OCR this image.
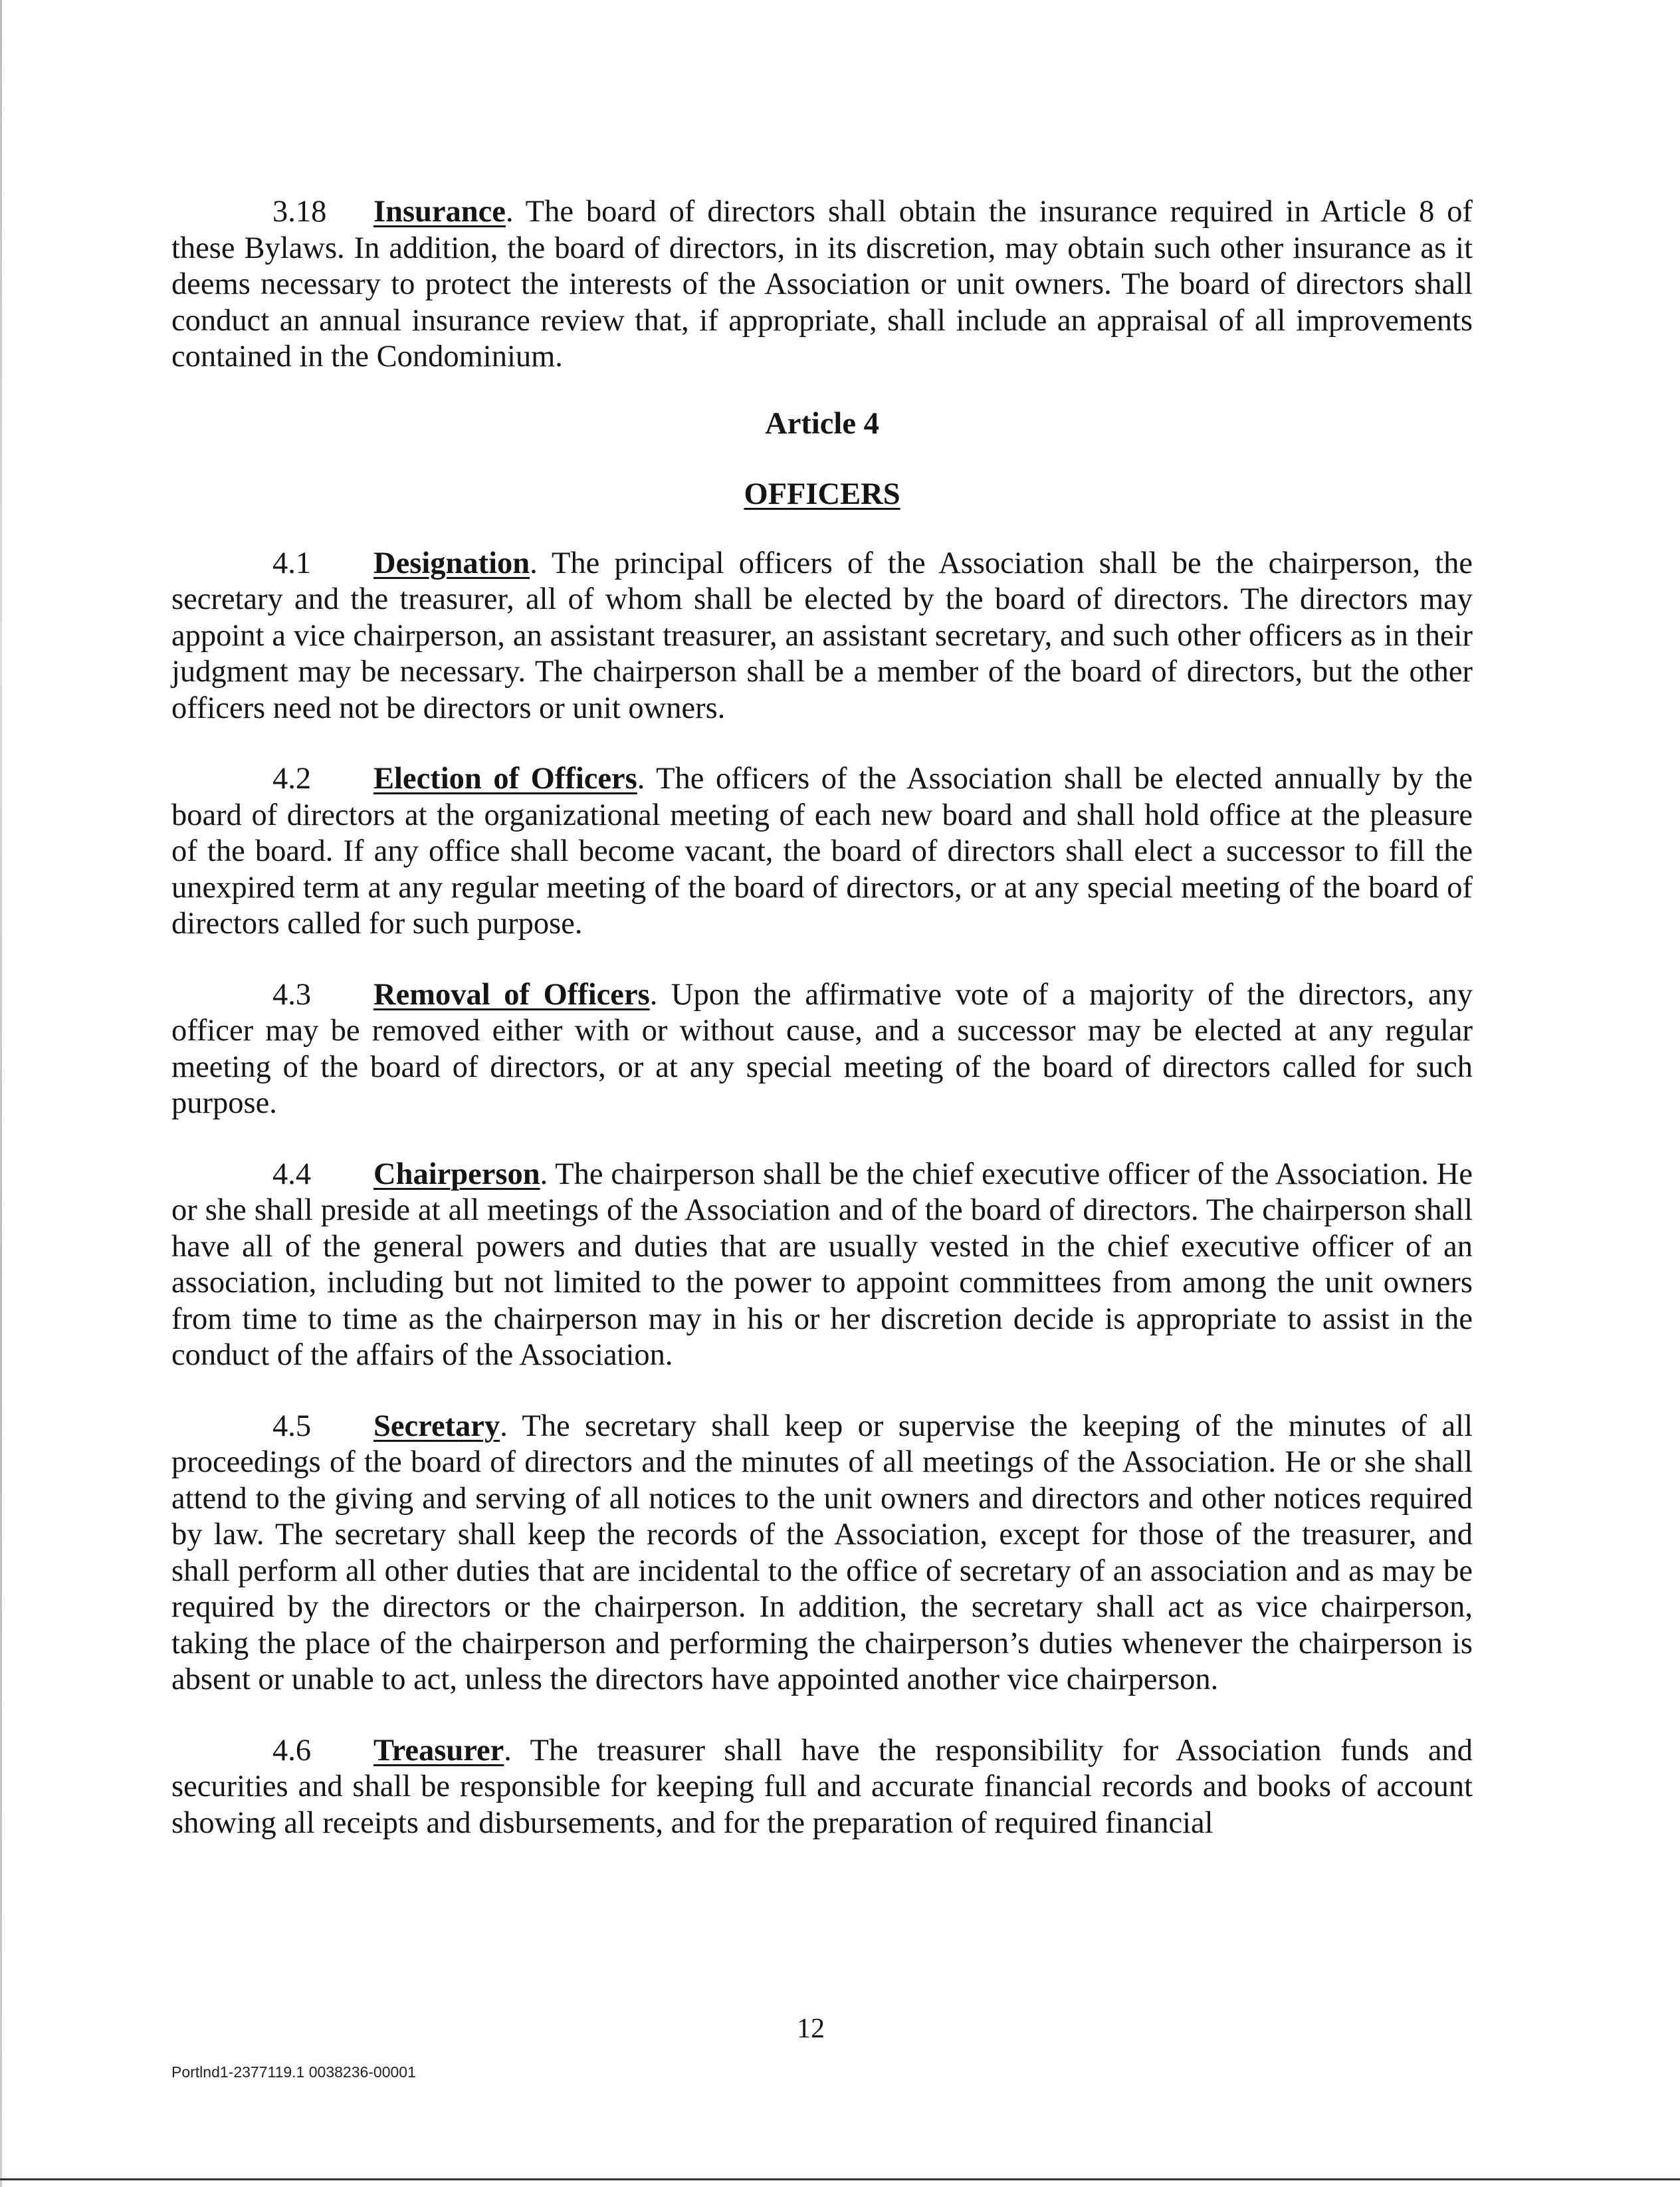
3.18 Insurance. The board of directors shall obtain the insurance required in Article 8 of these Bylaws. In addition, the board of directors, in its discretion, may obtain such other insurance as it deems necessary to protect the interests of the Association or unit owners. The board of directors shall conduct an annual insurance review that, if appropriate, shall include an appraisal of all improvements contained in the Condominium.

Article 4

OFFICERS

4.1 Designation. The principal officers of the Association shall be the chairperson, the secretary and the treasurer, all of whom shall be elected by the board of directors. The directors may appoint a vice chairperson, an assistant treasurer, an assistant secretary, and such other officers as in their judgment may be necessary. The chairperson shall be a member of the board of directors, but the other officers need not be directors or unit owners.

4.2 Election of Officers. The officers of the Association shall be elected annually by the board of directors at the organizational meeting of each new board and shall hold office at the pleasure of the board. If any office shall become vacant, the board of directors shall elect a successor to fill the unexpired term at any regular meeting of the board of directors, or at any special meeting of the board of directors called for such purpose.

4.3 Removal of Officers. Upon the affirmative vote of a majority of the directors, any officer may be removed either with or without cause, and a successor may be elected at any regular meeting of the board of directors, or at any special meeting of the board of directors called for such purpose.

4.4 Chairperson. The chairperson shall be the chief executive officer of the Association. He or she shall preside at all meetings of the Association and of the board of directors. The chairperson shall have all of the general powers and duties that are usually vested in the chief executive officer of an association, including but not limited to the power to appoint committees from among the unit owners from time to time as the chairperson may in his or her discretion decide is appropriate to assist in the conduct of the affairs of the Association.

4.5 Secretary. The secretary shall keep or supervise the keeping of the minutes of all proceedings of the board of directors and the minutes of all meetings of the Association. He or she shall attend to the giving and serving of all notices to the unit owners and directors and other notices required by law. The secretary shall keep the records of the Association, except for those of the treasurer, and shall perform all other duties that are incidental to the office of secretary of an association and as may be required by the directors or the chairperson. In addition, the secretary shall act as vice chairperson, taking the place of the chairperson and performing the chairperson’s duties whenever the chairperson is absent or unable to act, unless the directors have appointed another vice chairperson.

4.6 Treasurer. The treasurer shall have the responsibility for Association funds and securities and shall be responsible for keeping full and accurate financial records and books of account showing all receipts and disbursements, and for the preparation of required financial

12
Portlnd1-2377119.1 0038236-00001
